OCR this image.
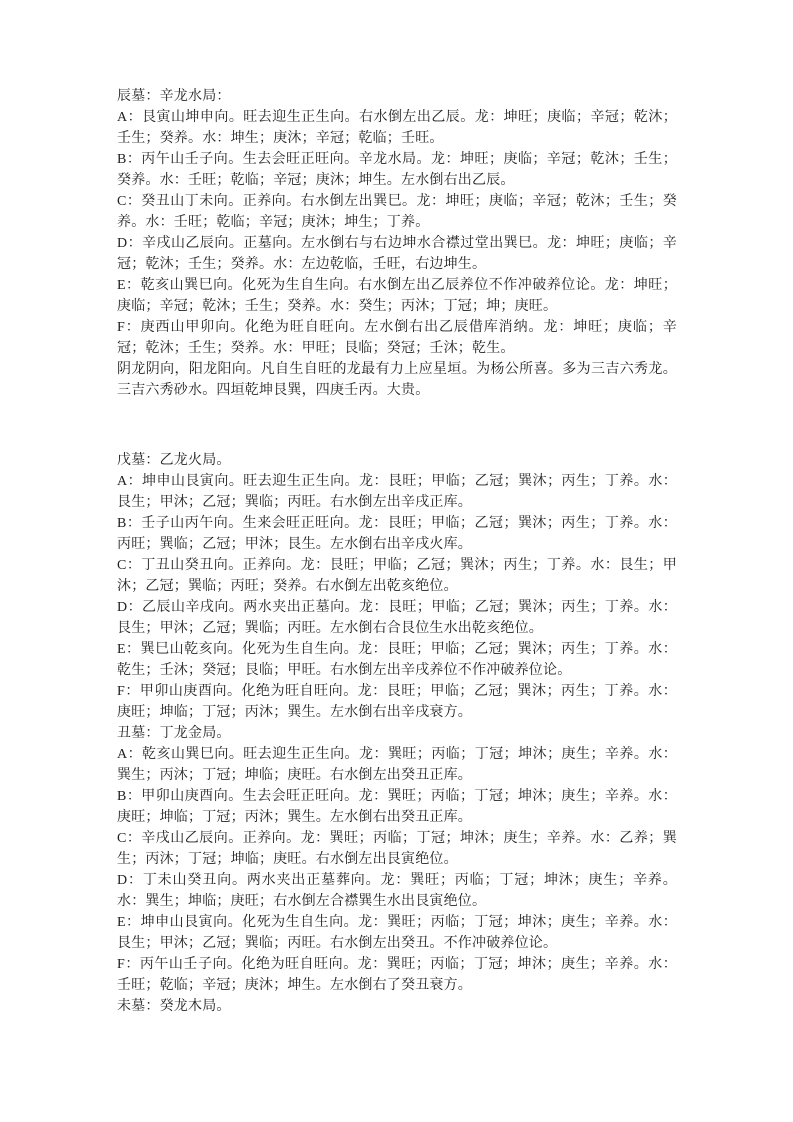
辰墓：辛龙水局：

A：艮寅山坤申向。旺去迎生正生向。右水倒左出乙辰。龙：坤旺；庚临；辛冠；乾沐；壬生；癸养。水：坤生；庚沐；辛冠；乾临；壬旺。

B：丙午山壬子向。生去会旺正旺向。辛龙水局。龙：坤旺；庚临；辛冠；乾沐；壬生；癸养。水：壬旺；乾临；辛冠；庚沐；坤生。左水倒右出乙辰。

C：癸丑山丁未向。正养向。右水倒左出巽巳。龙：坤旺；庚临；辛冠；乾沐；壬生；癸养。水：壬旺；乾临；辛冠；庚沐；坤生；丁养。

D：辛戌山乙辰向。正墓向。左水倒右与右边坤水合襟过堂出巽巳。龙：坤旺；庚临；辛冠；乾沐；壬生；癸养。水：左边乾临，壬旺，右边坤生。

E：乾亥山巽巳向。化死为生自生向。右水倒左出乙辰养位不作冲破养位论。龙：坤旺；庚临；辛冠；乾沐；壬生；癸养。水：癸生；丙沐；丁冠；坤；庚旺。

F：庚西山甲卯向。化绝为旺自旺向。左水倒右出乙辰借库消纳。龙：坤旺；庚临；辛冠；乾沐；壬生；癸养。水：甲旺；艮临；癸冠；壬沐；乾生。

阴龙阴向，阳龙阳向。凡自生自旺的龙最有力上应星垣。为杨公所喜。多为三吉六秀龙。三吉六秀砂水。四垣乾坤艮巽，四庚壬丙。大贵。

戊墓：乙龙火局。

A：坤申山艮寅向。旺去迎生正生向。龙：艮旺；甲临；乙冠；巽沐；丙生；丁养。水：艮生；甲沐；乙冠；巽临；丙旺。右水倒左出辛戌正库。

B：壬子山丙午向。生来会旺正旺向。龙：艮旺；甲临；乙冠；巽沐；丙生；丁养。水：丙旺；巽临；乙冠；甲沐；艮生。左水倒右出辛戌火库。

C：丁丑山癸丑向。正养向。龙：艮旺；甲临；乙冠；巽沐；丙生；丁养。水：艮生；甲沐；乙冠；巽临；丙旺；癸养。右水倒左出乾亥绝位。

D：乙辰山辛戌向。两水夹出正墓向。龙：艮旺；甲临；乙冠；巽沐；丙生；丁养。水：艮生；甲沐；乙冠；巽临；丙旺。左水倒右合艮位生水出乾亥绝位。

E：巽巳山乾亥向。化死为生自生向。龙：艮旺；甲临；乙冠；巽沐；丙生；丁养。水：乾生；壬沐；癸冠；艮临；甲旺。右水倒左出辛戌养位不作冲破养位论。

F：甲卯山庚酉向。化绝为旺自旺向。龙：艮旺；甲临；乙冠；巽沐；丙生；丁养。水：庚旺；坤临；丁冠；丙沐；巽生。左水倒右出辛戌衰方。

丑墓：丁龙金局。

A：乾亥山巽巳向。旺去迎生正生向。龙：巽旺；丙临；丁冠；坤沐；庚生；辛养。水：巽生；丙沐；丁冠；坤临；庚旺。右水倒左出癸丑正库。

B：甲卯山庚酉向。生去会旺正旺向。龙：巽旺；丙临；丁冠；坤沐；庚生；辛养。水：庚旺；坤临；丁冠；丙沐；巽生。左水倒右出癸丑正库。

C：辛戌山乙辰向。正养向。龙：巽旺；丙临；丁冠；坤沐；庚生；辛养。水：乙养；巽生；丙沐；丁冠；坤临；庚旺。右水倒左出艮寅绝位。

D：丁未山癸丑向。两水夹出正墓葬向。龙：巽旺；丙临；丁冠；坤沐；庚生；辛养。水：巽生；坤临；庚旺；右水倒左合襟巽生水出艮寅绝位。

E：坤申山艮寅向。化死为生自生向。龙：巽旺；丙临；丁冠；坤沐；庚生；辛养。水：艮生；甲沐；乙冠；巽临；丙旺。右水倒左出癸丑。不作冲破养位论。

F：丙午山壬子向。化绝为旺自旺向。龙：巽旺；丙临；丁冠；坤沐；庚生；辛养。水：壬旺；乾临；辛冠；庚沐；坤生。左水倒右了癸丑衰方。

未墓：癸龙木局。
